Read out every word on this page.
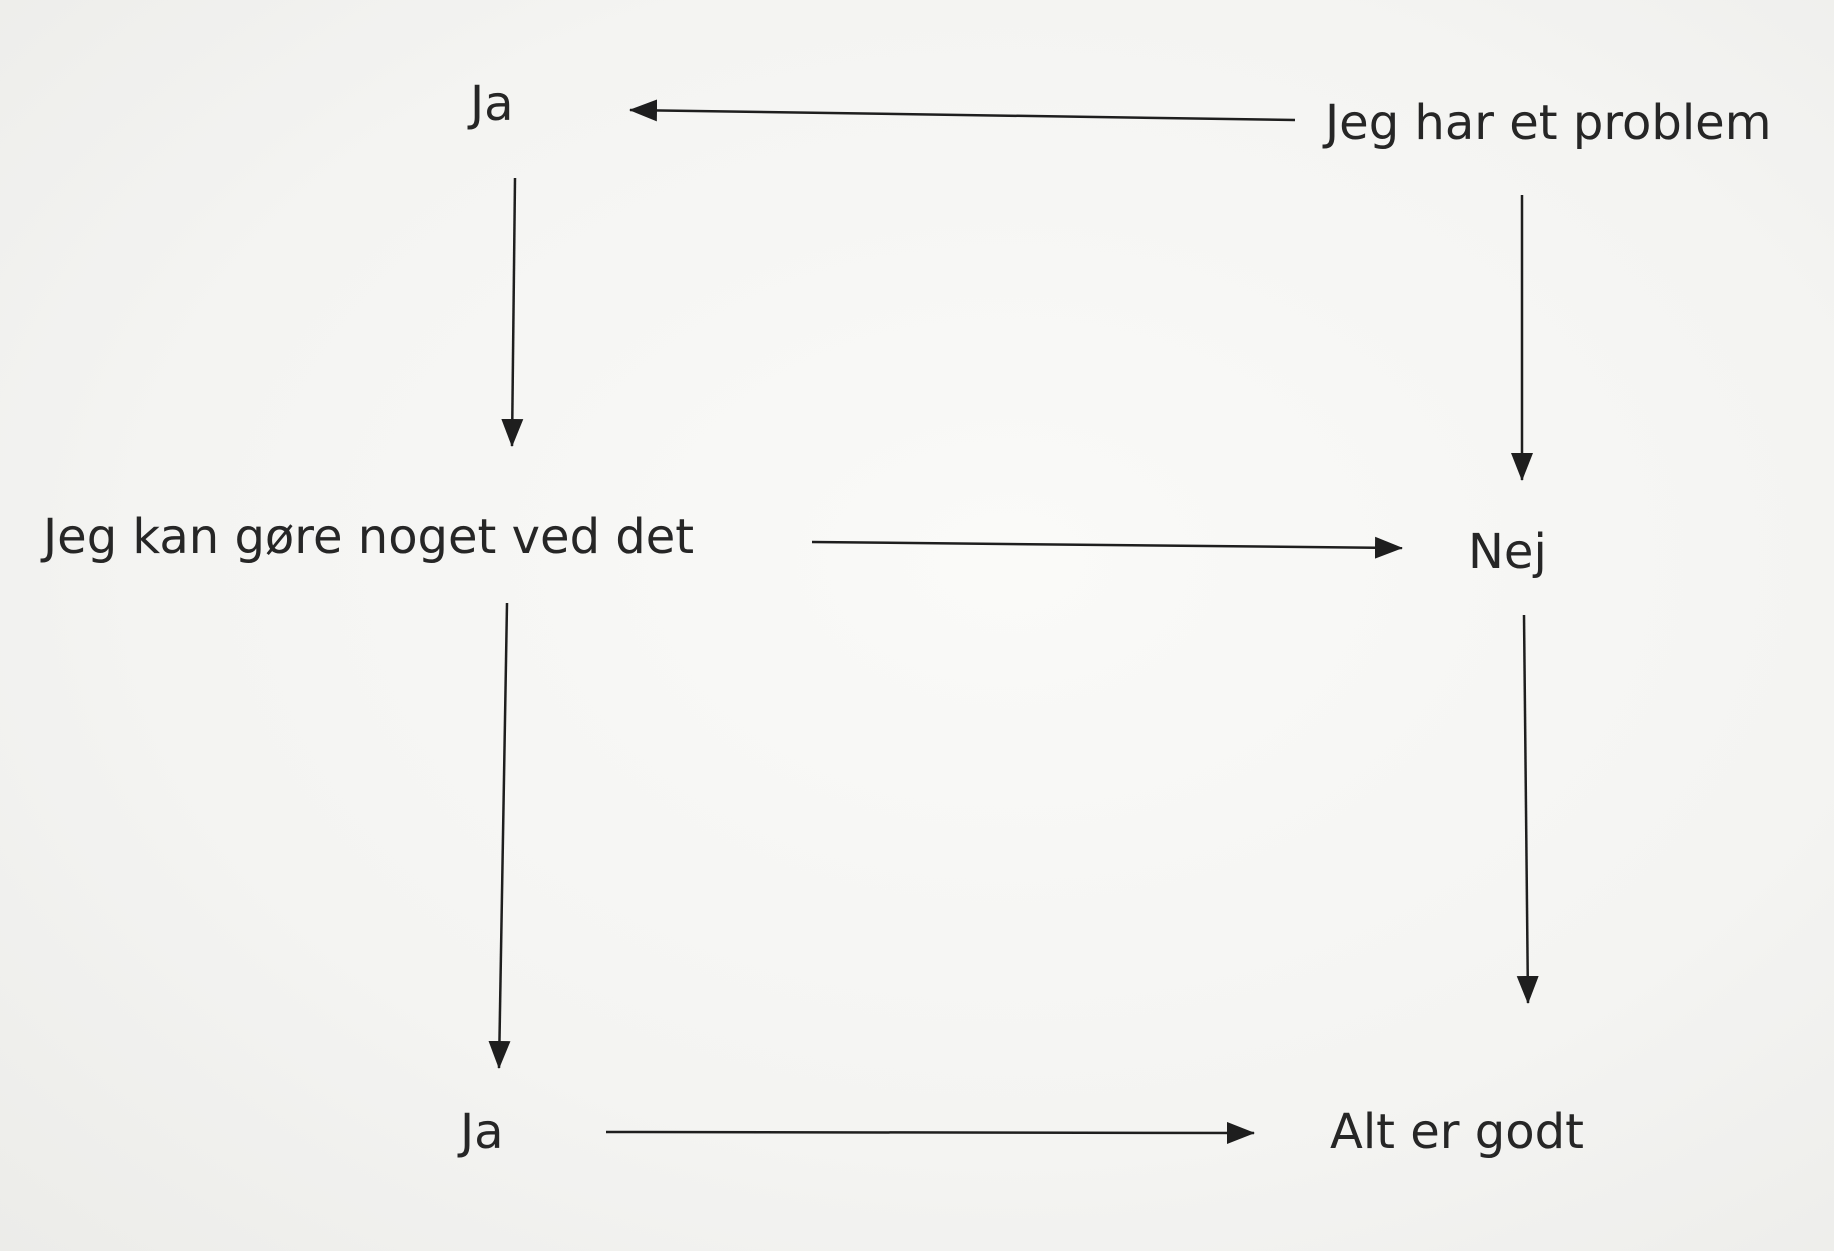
Ja	Jeg har et problem
Jeg kan gøre noget ved det	Nej
Ja	Alt er godt
